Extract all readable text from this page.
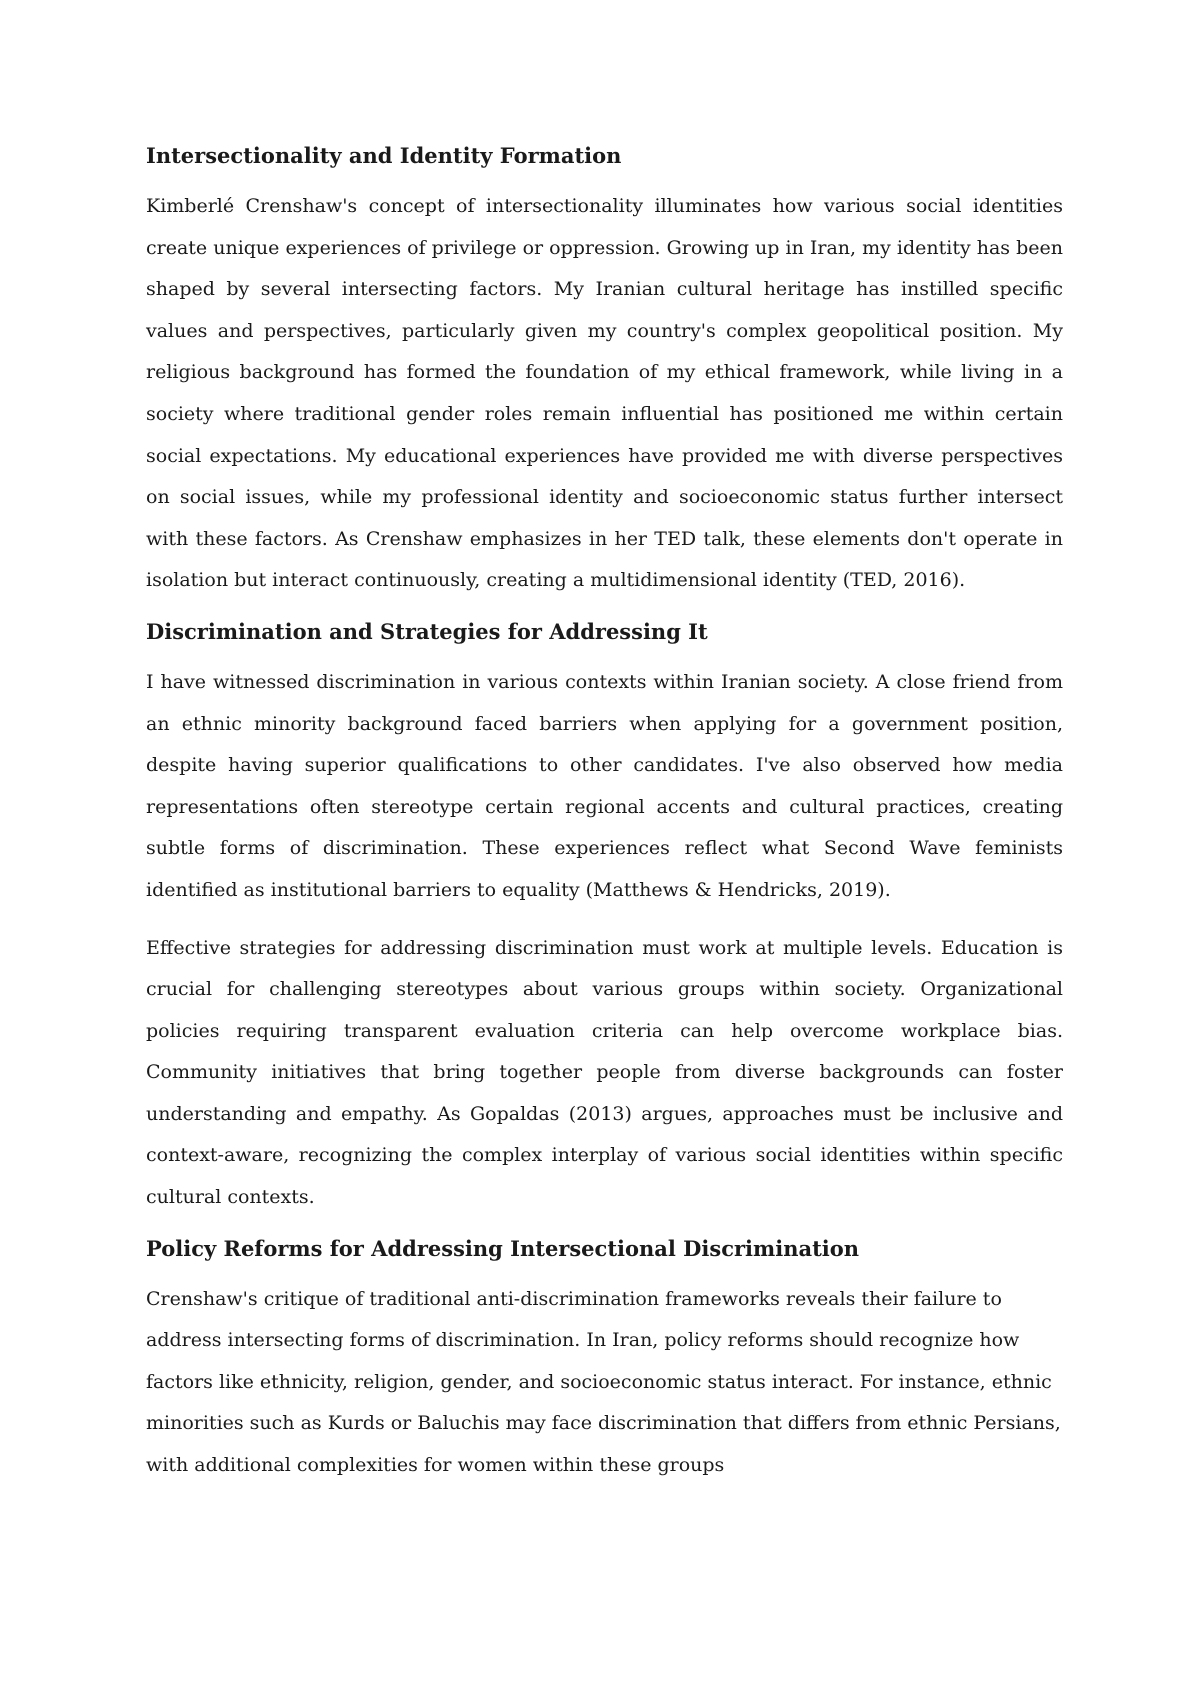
Intersectionality and Identity Formation

Kimberlé Crenshaw's concept of intersectionality illuminates how various social identities create unique experiences of privilege or oppression. Growing up in Iran, my identity has been shaped by several intersecting factors. My Iranian cultural heritage has instilled specific values and perspectives, particularly given my country's complex geopolitical position. My religious background has formed the foundation of my ethical framework, while living in a society where traditional gender roles remain influential has positioned me within certain social expectations. My educational experiences have provided me with diverse perspectives on social issues, while my professional identity and socioeconomic status further intersect with these factors. As Crenshaw emphasizes in her TED talk, these elements don't operate in isolation but interact continuously, creating a multidimensional identity (TED, 2016).

Discrimination and Strategies for Addressing It

I have witnessed discrimination in various contexts within Iranian society. A close friend from an ethnic minority background faced barriers when applying for a government position, despite having superior qualifications to other candidates. I've also observed how media representations often stereotype certain regional accents and cultural practices, creating subtle forms of discrimination. These experiences reflect what Second Wave feminists identified as institutional barriers to equality (Matthews & Hendricks, 2019).

Effective strategies for addressing discrimination must work at multiple levels. Education is crucial for challenging stereotypes about various groups within society. Organizational policies requiring transparent evaluation criteria can help overcome workplace bias. Community initiatives that bring together people from diverse backgrounds can foster understanding and empathy. As Gopaldas (2013) argues, approaches must be inclusive and context-aware, recognizing the complex interplay of various social identities within specific cultural contexts.

Policy Reforms for Addressing Intersectional Discrimination

Crenshaw's critique of traditional anti-discrimination frameworks reveals their failure to address intersecting forms of discrimination. In Iran, policy reforms should recognize how factors like ethnicity, religion, gender, and socioeconomic status interact. For instance, ethnic minorities such as Kurds or Baluchis may face discrimination that differs from ethnic Persians, with additional complexities for women within these groups
